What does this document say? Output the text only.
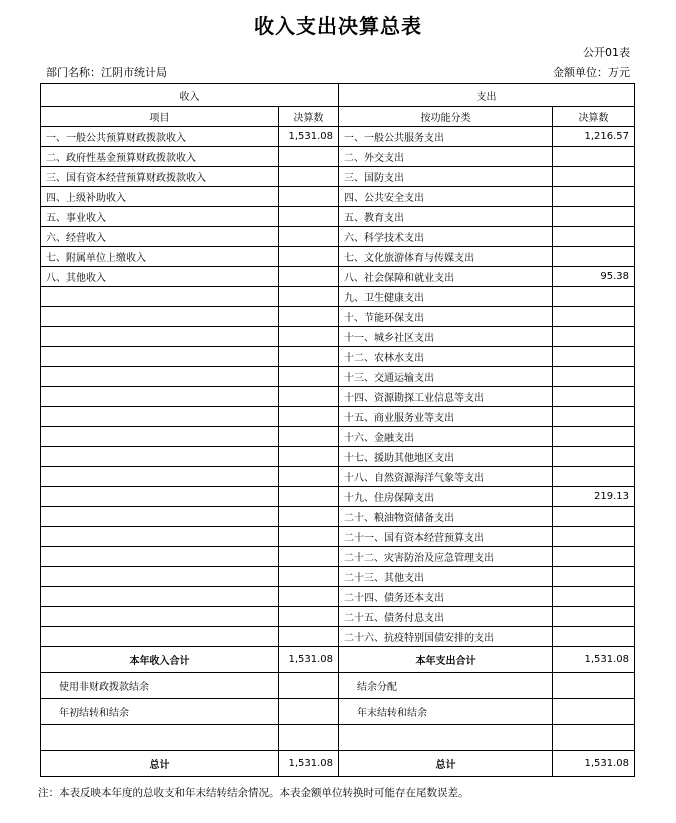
收入支出决算总表
公开01表
部门名称：江阴市统计局	金额单位：万元
收入		支出	
项目	决算数	按功能分类	决算数
一、一般公共预算财政拨款收入	1,531.08	一、一般公共服务支出	1,216.57
二、政府性基金预算财政拨款收入		二、外交支出	
三、国有资本经营预算财政拨款收入		三、国防支出	
四、上级补助收入		四、公共安全支出	
五、事业收入		五、教育支出	
六、经营收入		六、科学技术支出	
七、附属单位上缴收入		七、文化旅游体育与传媒支出	
八、其他收入		八、社会保障和就业支出	95.38
		九、卫生健康支出	
		十、节能环保支出	
		十一、城乡社区支出	
		十二、农林水支出	
		十三、交通运输支出	
		十四、资源勘探工业信息等支出	
		十五、商业服务业等支出	
		十六、金融支出	
		十七、援助其他地区支出	
		十八、自然资源海洋气象等支出	
		十九、住房保障支出	219.13
		二十、粮油物资储备支出	
		二十一、国有资本经营预算支出	
		二十二、灾害防治及应急管理支出	
		二十三、其他支出	
		二十四、债务还本支出	
		二十五、债务付息支出	
		二十六、抗疫特别国债安排的支出	
本年收入合计	1,531.08	本年支出合计	1,531.08
使用非财政拨款结余		结余分配	
年初结转和结余		年末结转和结余	

总计	1,531.08	总计	1,531.08
注：本表反映本年度的总收支和年末结转结余情况。本表金额单位转换时可能存在尾数误差。
